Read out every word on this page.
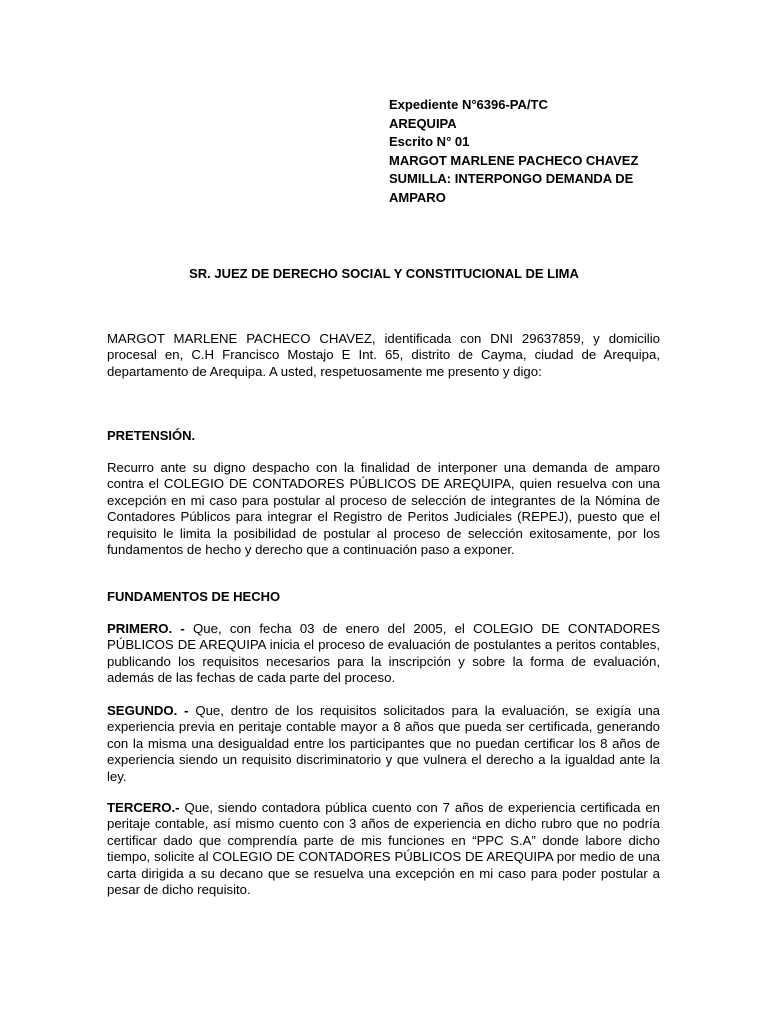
Expediente N°6396-PA/TC
AREQUIPA
Escrito N° 01
MARGOT MARLENE PACHECO CHAVEZ
SUMILLA: INTERPONGO DEMANDA DE
AMPARO
SR. JUEZ DE DERECHO SOCIAL Y CONSTITUCIONAL DE LIMA
MARGOT MARLENE PACHECO CHAVEZ, identificada con DNI 29637859, y domicilio procesal en, C.H Francisco Mostajo E Int. 65, distrito de Cayma, ciudad de Arequipa, departamento de Arequipa. A usted, respetuosamente me presento y digo:
PRETENSIÓN.
Recurro ante su digno despacho con la finalidad de interponer una demanda de amparo contra el COLEGIO DE CONTADORES PÚBLICOS DE AREQUIPA, quien resuelva con una excepción en mi caso para postular al proceso de selección de integrantes de la Nómina de Contadores Públicos para integrar el Registro de Peritos Judiciales (REPEJ), puesto que el requisito le limita la posibilidad de postular al proceso de selección exitosamente, por los fundamentos de hecho y derecho que a continuación paso a exponer.
FUNDAMENTOS DE HECHO
PRIMERO. - Que, con fecha 03 de enero del 2005, el COLEGIO DE CONTADORES PÚBLICOS DE AREQUIPA inicia el proceso de evaluación de postulantes a peritos contables, publicando los requisitos necesarios para la inscripción y sobre la forma de evaluación, además de las fechas de cada parte del proceso.
SEGUNDO. - Que, dentro de los requisitos solicitados para la evaluación, se exigía una experiencia previa en peritaje contable mayor a 8 años que pueda ser certificada, generando con la misma una desigualdad entre los participantes que no puedan certificar los 8 años de experiencia siendo un requisito discriminatorio y que vulnera el derecho a la igualdad ante la ley.
TERCERO.- Que, siendo contadora pública cuento con 7 años de experiencia certificada en peritaje contable, así mismo cuento con 3 años de experiencia en dicho rubro que no podría certificar dado que comprendía parte de mis funciones en “PPC S.A” donde labore dicho tiempo, solicite al COLEGIO DE CONTADORES PÚBLICOS DE AREQUIPA por medio de una carta dirigida a su decano que se resuelva una excepción en mi caso para poder postular a pesar de dicho requisito.
